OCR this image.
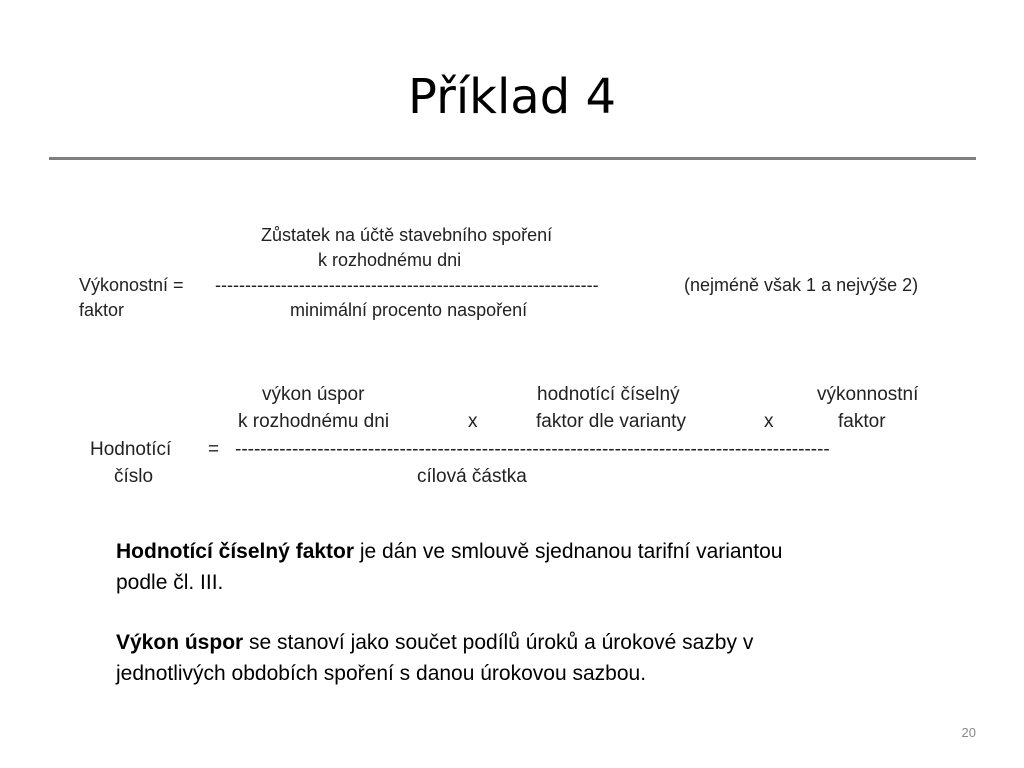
Příklad 4
Zůstatek na účtě stavebního spoření
k rozhodnému dni
Výkonostní = ----------------------------------------------------------------	(nejméně však 1 a nejvýše 2)
faktor	minimální procento naspoření
výkon úspor	hodnotící číselný	výkonnostní
k rozhodnému dni	x	faktor dle varianty	x	faktor
Hodnotící = ----------------------------------------------------------------------------------------------
číslo	cílová částka

Hodnotící číselný faktor je dán ve smlouvě sjednanou tarifní variantou podle čl. III.

Výkon úspor se stanoví jako součet podílů úroků a úrokové sazby v jednotlivých obdobích spoření s danou úrokovou sazbou.

20
